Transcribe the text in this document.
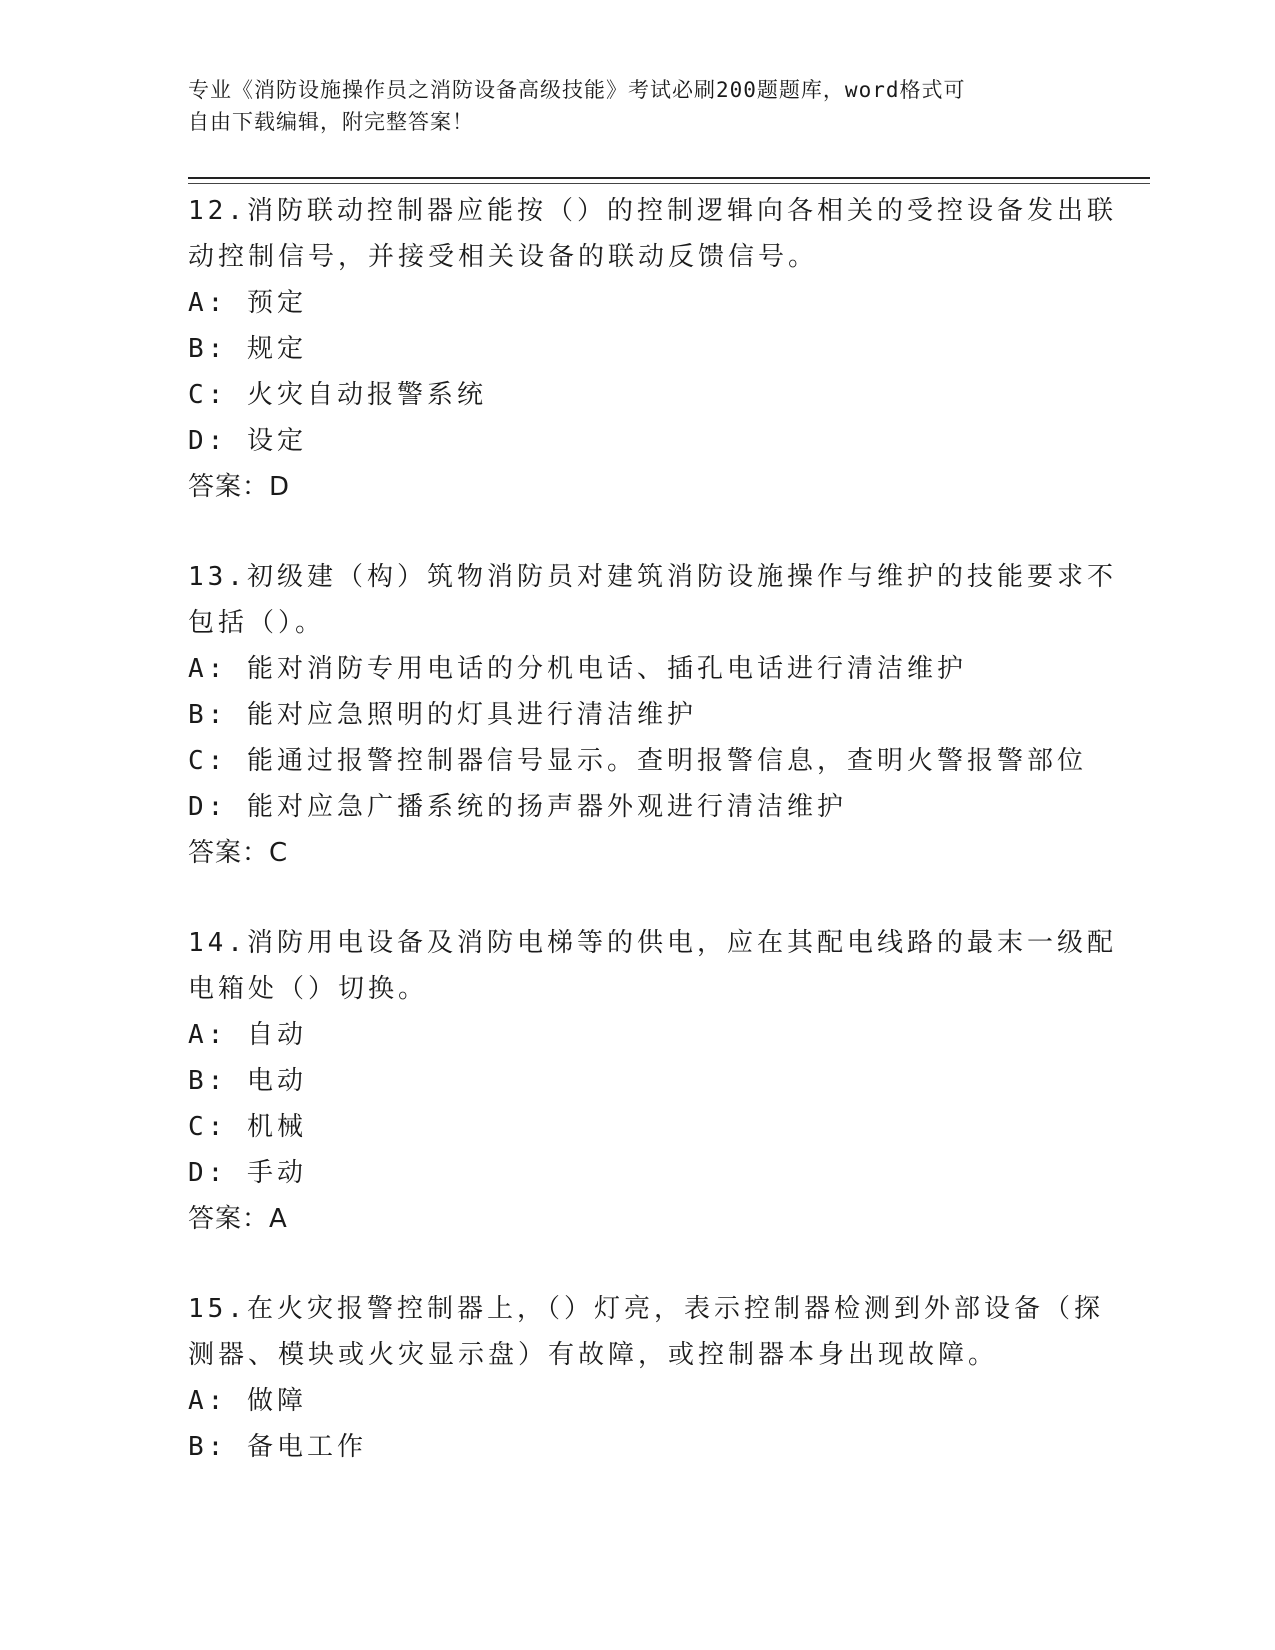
专业《消防设施操作员之消防设备高级技能》考试必刷200题题库，word格式可
自由下载编辑，附完整答案！
12.消防联动控制器应能按（）的控制逻辑向各相关的受控设备发出联
动控制信号，并接受相关设备的联动反馈信号。
A: 预定
B: 规定
C: 火灾自动报警系统
D: 设定
答案：D
13.初级建（构）筑物消防员对建筑消防设施操作与维护的技能要求不
包括（）。
A: 能对消防专用电话的分机电话、插孔电话进行清洁维护
B: 能对应急照明的灯具进行清洁维护
C: 能通过报警控制器信号显示。查明报警信息，查明火警报警部位
D: 能对应急广播系统的扬声器外观进行清洁维护
答案：C
14.消防用电设备及消防电梯等的供电，应在其配电线路的最末一级配
电箱处（）切换。
A: 自动
B: 电动
C: 机械
D: 手动
答案：A
15.在火灾报警控制器上，（）灯亮，表示控制器检测到外部设备（探
测器、模块或火灾显示盘）有故障，或控制器本身出现故障。
A: 做障
B: 备电工作
